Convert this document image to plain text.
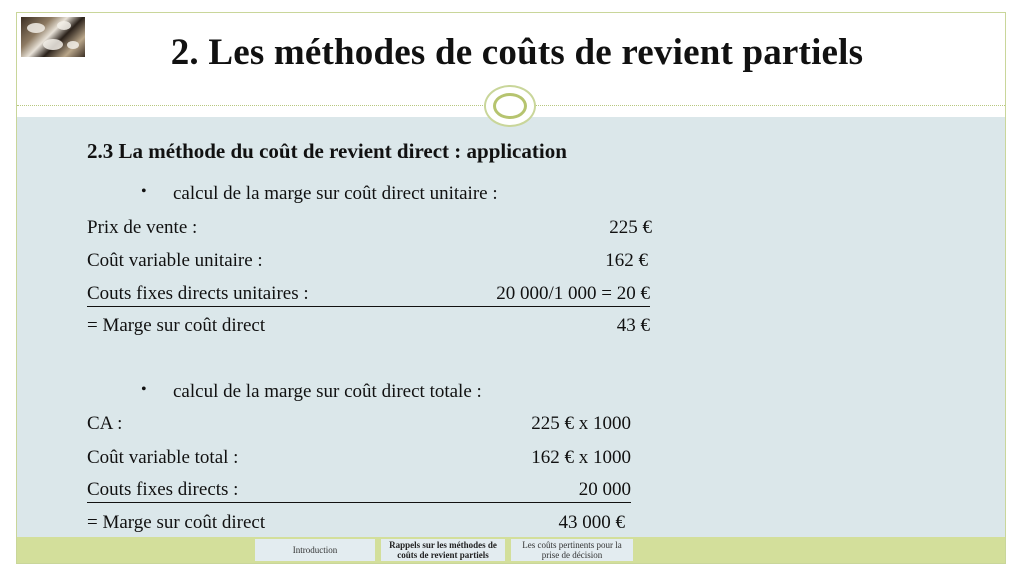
2. Les méthodes de coûts de revient partiels
2.3 La méthode du coût de revient direct : application
• calcul de la marge sur coût direct unitaire :
Prix de vente :	225 €
Coût variable unitaire :	162 €
Couts fixes directs unitaires :	20 000/1 000 = 20 €
= Marge sur coût direct	43 €
• calcul de la marge sur coût direct totale :
CA :	225 € x 1000
Coût variable total :	162 € x 1000
Couts fixes directs :	20 000
= Marge sur coût direct	43 000 €
Introduction	Rappels sur les méthodes de coûts de revient partiels
Les coûts pertinents pour la prise de décision
